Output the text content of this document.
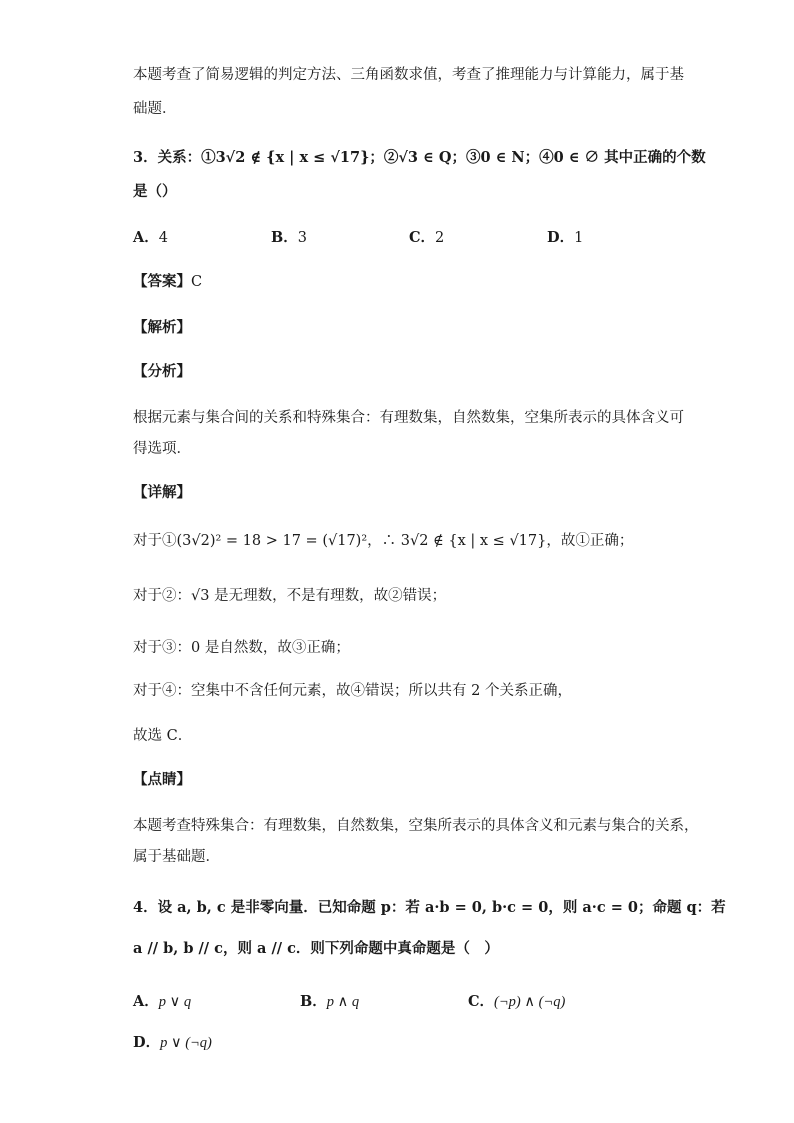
本题考查了简易逻辑的判定方法、三角函数求值，考查了推理能力与计算能力，属于基
础题．
3．关系：①3√2 ∉ {x | x ≤ √17}；②√3 ∈ Q；③0 ∈ N；④0 ∈ ∅ 其中正确的个数
是（）
A．4	B．3	C．2	D．1
【答案】C
【解析】
【分析】
根据元素与集合间的关系和特殊集合：有理数集，自然数集，空集所表示的具体含义可
得选项．
【详解】
对于①(3√2)² = 18 > 17 = (√17)²，∴ 3√2 ∉ {x | x ≤ √17}，故①正确；
对于②：√3 是无理数，不是有理数，故②错误；
对于③：0 是自然数，故③正确；
对于④：空集中不含任何元素，故④错误；所以共有 2 个关系正确，
故选 C．
【点睛】
本题考查特殊集合：有理数集，自然数集，空集所表示的具体含义和元素与集合的关系，
属于基础题．
4．设 a, b, c 是非零向量．已知命题 p：若 a·b = 0, b·c = 0，则 a·c = 0；命题 q：若
a // b, b // c，则 a // c．则下列命题中真命题是（　）
A．p ∨ q	B．p ∧ q	C．(¬p) ∧ (¬q)
D．p ∨ (¬q)
